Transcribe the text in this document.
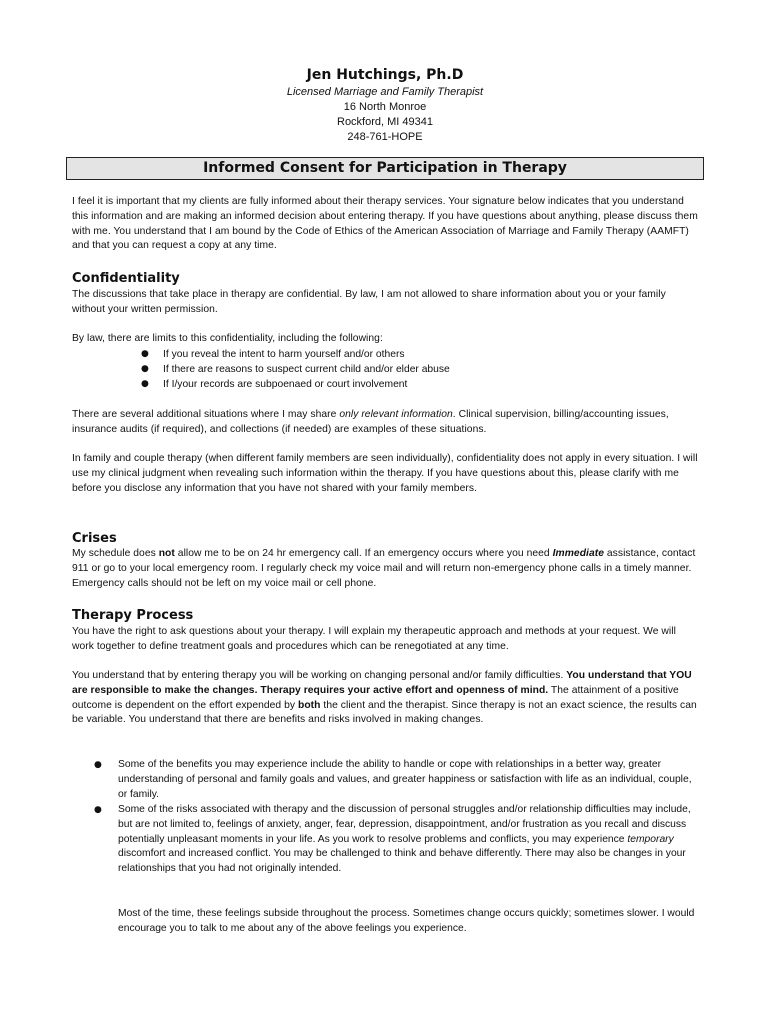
Jen Hutchings, Ph.D
Licensed Marriage and Family Therapist
16 North Monroe
Rockford, MI 49341
248-761-HOPE
Informed Consent for Participation in Therapy
I feel it is important that my clients are fully informed about their therapy services. Your signature below indicates that you understand this information and are making an informed decision about entering therapy. If you have questions about anything, please discuss them with me. You understand that I am bound by the Code of Ethics of the American Association of Marriage and Family Therapy (AAMFT) and that you can request a copy at any time.
Confidentiality
The discussions that take place in therapy are confidential. By law, I am not allowed to share information about you or your family without your written permission.
By law, there are limits to this confidentiality, including the following:
● If you reveal the intent to harm yourself and/or others
● If there are reasons to suspect current child and/or elder abuse
● If I/your records are subpoenaed or court involvement
There are several additional situations where I may share only relevant information. Clinical supervision, billing/accounting issues, insurance audits (if required), and collections (if needed) are examples of these situations.
In family and couple therapy (when different family members are seen individually), confidentiality does not apply in every situation. I will use my clinical judgment when revealing such information within the therapy. If you have questions about this, please clarify with me before you disclose any information that you have not shared with your family members.
Crises
My schedule does not allow me to be on 24 hr emergency call. If an emergency occurs where you need Immediate assistance, contact 911 or go to your local emergency room. I regularly check my voice mail and will return non-emergency phone calls in a timely manner. Emergency calls should not be left on my voice mail or cell phone.
Therapy Process
You have the right to ask questions about your therapy. I will explain my therapeutic approach and methods at your request. We will work together to define treatment goals and procedures which can be renegotiated at any time.
You understand that by entering therapy you will be working on changing personal and/or family difficulties. You understand that YOU are responsible to make the changes. Therapy requires your active effort and openness of mind. The attainment of a positive outcome is dependent on the effort expended by both the client and the therapist. Since therapy is not an exact science, the results can be variable. You understand that there are benefits and risks involved in making changes.
● Some of the benefits you may experience include the ability to handle or cope with relationships in a better way, greater understanding of personal and family goals and values, and greater happiness or satisfaction with life as an individual, couple, or family.
● Some of the risks associated with therapy and the discussion of personal struggles and/or relationship difficulties may include, but are not limited to, feelings of anxiety, anger, fear, depression, disappointment, and/or frustration as you recall and discuss potentially unpleasant moments in your life. As you work to resolve problems and conflicts, you may experience temporary discomfort and increased conflict. You may be challenged to think and behave differently. There may also be changes in your relationships that you had not originally intended.
Most of the time, these feelings subside throughout the process. Sometimes change occurs quickly; sometimes slower. I would encourage you to talk to me about any of the above feelings you experience.
